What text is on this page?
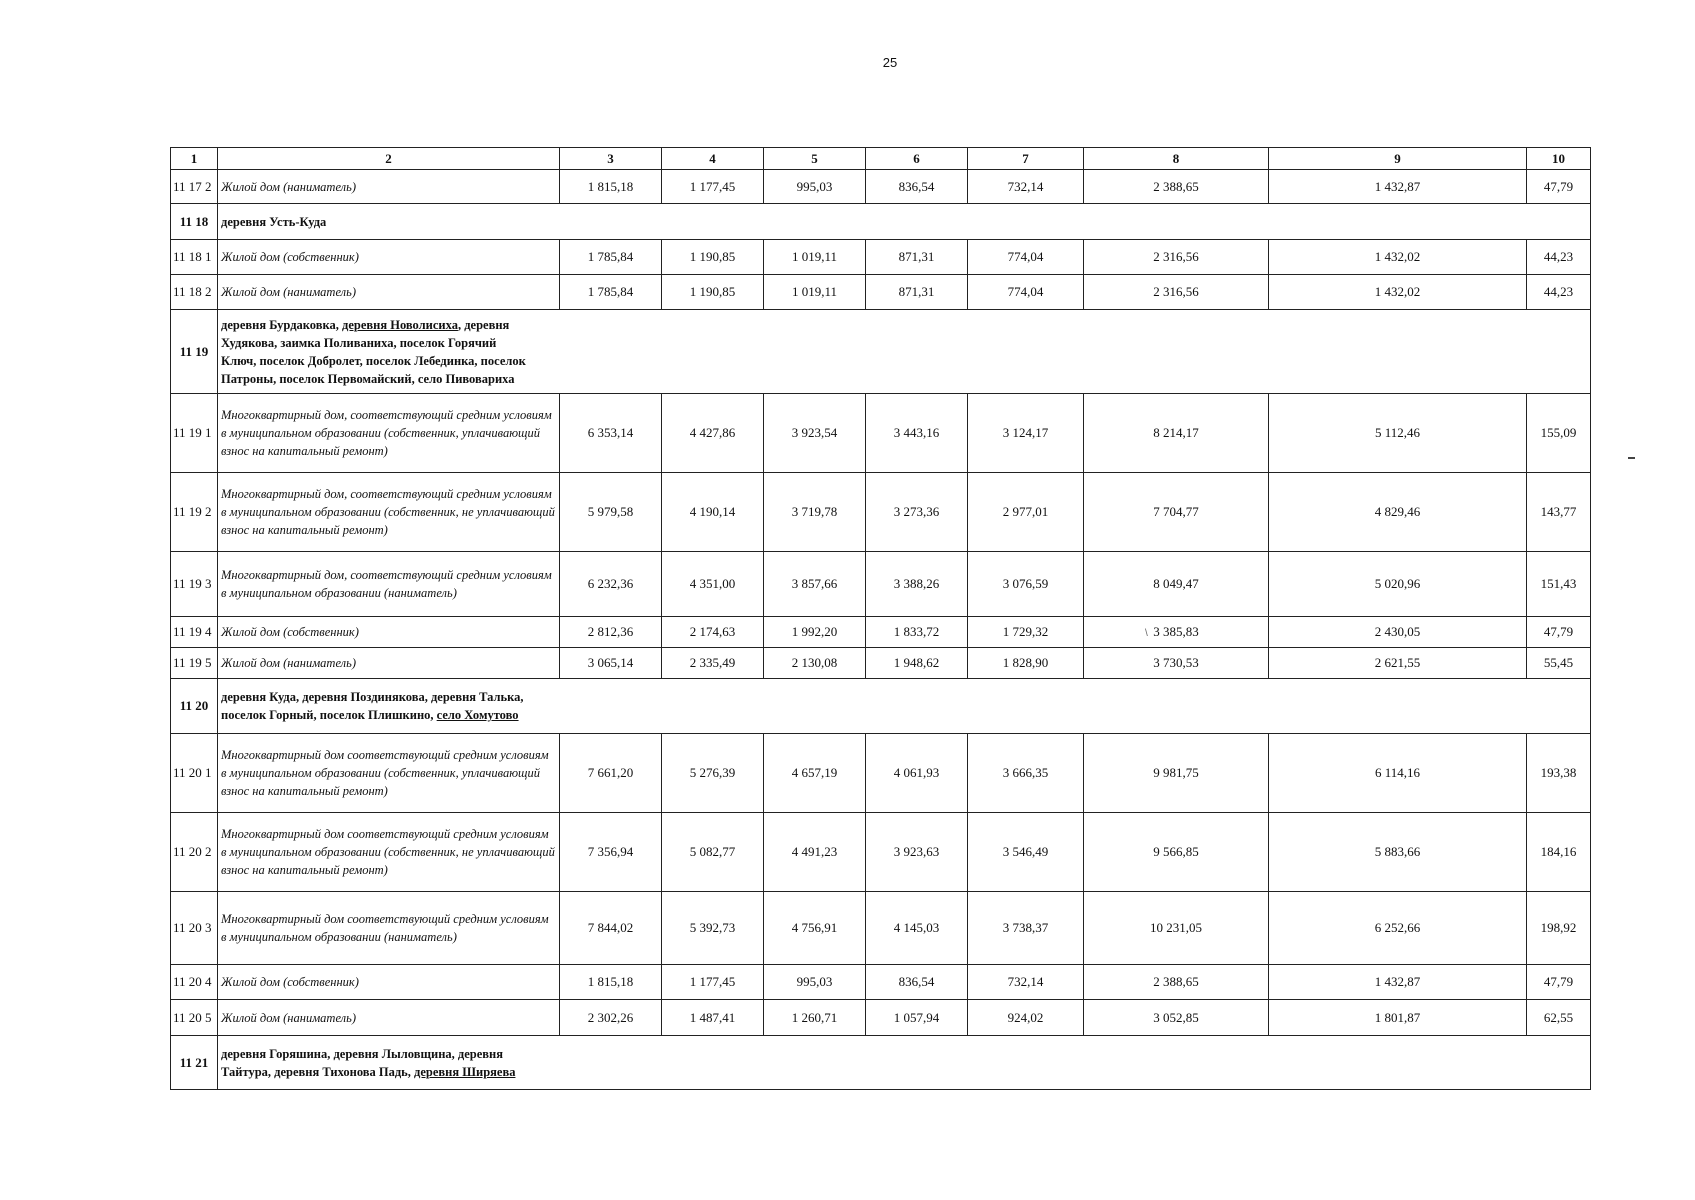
25
1	2	3	4	5	6	7	8	9	10
11 17 2	Жилой дом (наниматель)	1 815,18	1 177,45	995,03	836,54	732,14	2 388,65	1 432,87	47,79
11 18	деревня Усть-Куда								

11 18 1	Жилой дом (собственник)	1 785,84	1 190,85	1 019,11	871,31	774,04	2 316,56	1 432,02	44,23
11 18 2	Жилой дом (наниматель)	1 785,84	1 190,85	1 019,11	871,31	774,04	2 316,56	1 432,02	44,23
11 19	деревня Бурдаковка, деревня Новолисиха, деревня
Худякова, заимка Поливаниха, поселок Горячий
Ключ, поселок Добролет, поселок Лебединка, поселок
Патроны, поселок Первомайский, село Пивовариха								

11 19 1	Многоквартирный дом, соответствующий средним условиям в муниципальном образовании (собственник, уплачивающий взнос на капитальный ремонт)	6 353,14	4 427,86	3 923,54	3 443,16	3 124,17	8 214,17	5 112,46	155,09
11 19 2	Многоквартирный дом, соответствующий средним условиям в муниципальном образовании (собственник, не уплачивающий взнос на капитальный ремонт)	5 979,58	4 190,14	3 719,78	3 273,36	2 977,01	7 704,77	4 829,46	143,77
11 19 3	Многоквартирный дом, соответствующий средним условиям в муниципальном образовании (наниматель)	6 232,36	4 351,00	3 857,66	3 388,26	3 076,59	8 049,47	5 020,96	151,43
11 19 4	Жилой дом (собственник)	2 812,36	2 174,63	1 992,20	1 833,72	1 729,32	3 385,83	2 430,05	47,79
11 19 5	Жилой дом (наниматель)	3 065,14	2 335,49	2 130,08	1 948,62	1 828,90	3 730,53	2 621,55	55,45
11 20	деревня Куда, деревня Поздинякова, деревня Талька,
поселок Горный, поселок Плишкино, село Хомутово								

11 20 1	Многоквартирный дом соответствующий средним условиям в муниципальном образовании (собственник, уплачивающий взнос на капитальный ремонт)	7 661,20	5 276,39	4 657,19	4 061,93	3 666,35	9 981,75	6 114,16	193,38
11 20 2	Многоквартирный дом соответствующий средним условиям в муниципальном образовании (собственник, не уплачивающий взнос на капитальный ремонт)	7 356,94	5 082,77	4 491,23	3 923,63	3 546,49	9 566,85	5 883,66	184,16
11 20 3	Многоквартирный дом соответствующий средним условиям в муниципальном образовании (наниматель)	7 844,02	5 392,73	4 756,91	4 145,03	3 738,37	10 231,05	6 252,66	198,92
11 20 4	Жилой дом (собственник)	1 815,18	1 177,45	995,03	836,54	732,14	2 388,65	1 432,87	47,79
11 20 5	Жилой дом (наниматель)	2 302,26	1 487,41	1 260,71	1 057,94	924,02	3 052,85	1 801,87	62,55
11 21	деревня Горяшина, деревня Лыловщина, деревня
Тайтура, деревня Тихонова Падь, деревня Ширяева								
\
